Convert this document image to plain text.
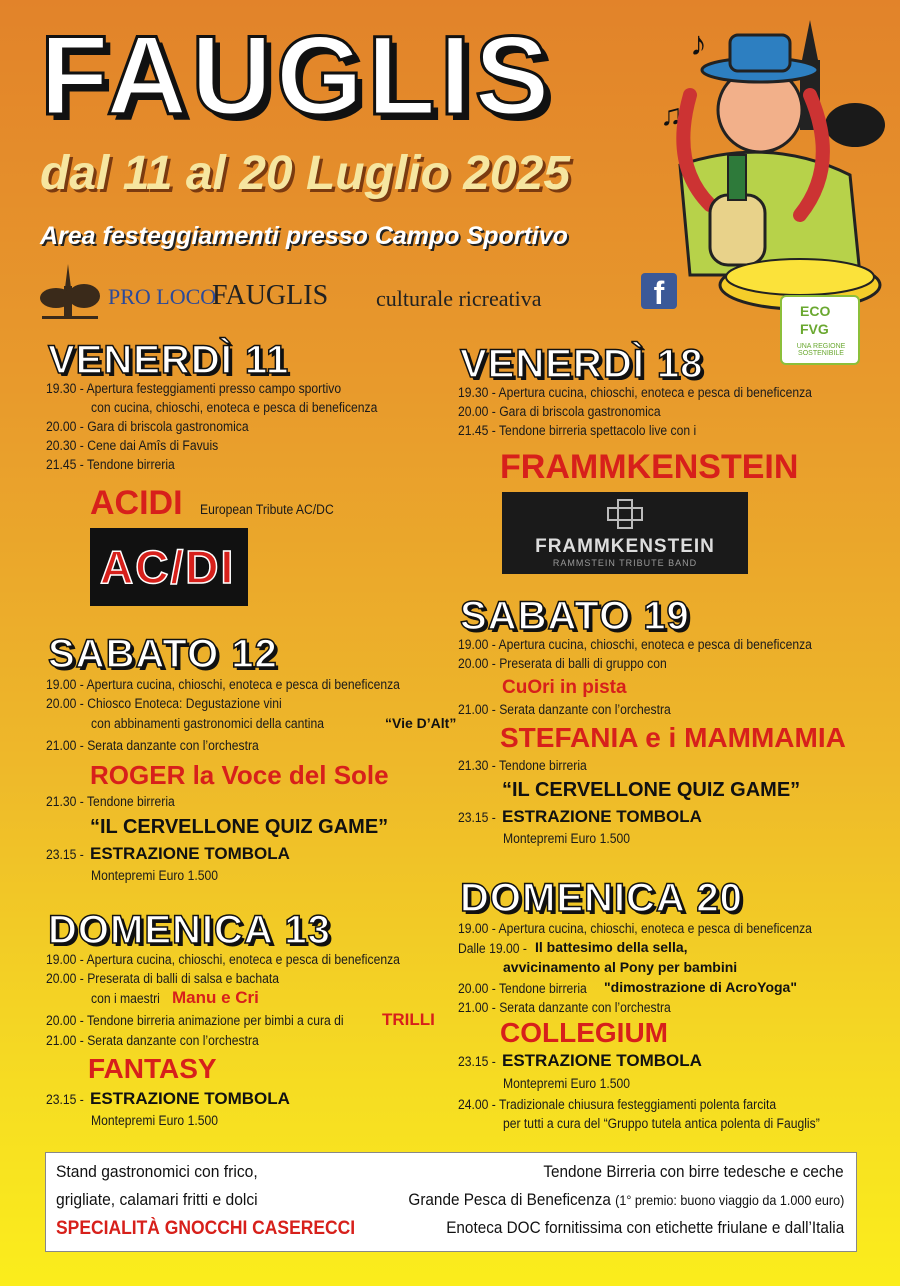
FAUGLIS
dal 11 al 20 Luglio 2025
Area festeggiamenti presso Campo Sportivo
PRO LOCO
FAUGLIS culturale ricreativa	f
♪
♫
ECO
FVG
UNA REGIONE SOSTENIBILE
VENERDÌ 11
19.30 - Apertura festeggiamenti presso campo sportivo
con cucina, chioschi, enoteca e pesca di beneficenza
20.00 - Gara di briscola gastronomica
20.30 - Cene dai Amîs di Favuis
21.45 - Tendone birreria
ACIDI European Tribute AC/DC
AC/DI
SABATO 12
19.00 - Apertura cucina, chioschi, enoteca e pesca di beneficenza
20.00 - Chiosco Enoteca: Degustazione vini
con abbinamenti gastronomici della cantina	“Vie D’Alt”
21.00 - Serata danzante con l’orchestra
ROGER la Voce del Sole
21.30 - Tendone birreria
“IL CERVELLONE QUIZ GAME”
23.15 - ESTRAZIONE TOMBOLA
Montepremi Euro 1.500
DOMENICA 13
19.00 - Apertura cucina, chioschi, enoteca e pesca di beneficenza
20.00 - Preserata di balli di salsa e bachata
con i maestri Manu e Cri
20.00 - Tendone birreria animazione per bimbi a cura di TRILLI
21.00 - Serata danzante con l’orchestra
FANTASY
23.15 - ESTRAZIONE TOMBOLA
Montepremi Euro 1.500
VENERDÌ 18
19.30 - Apertura cucina, chioschi, enoteca e pesca di beneficenza
20.00 - Gara di briscola gastronomica
21.45 - Tendone birreria spettacolo live con i
FRAMMKENSTEIN
FRAMMKENSTEIN
RAMMSTEIN TRIBUTE BAND
SABATO 19
19.00 - Apertura cucina, chioschi, enoteca e pesca di beneficenza
20.00 - Preserata di balli di gruppo con
CuOri in pista
21.00 - Serata danzante con l’orchestra
STEFANIA e i MAMMAMIA
21.30 - Tendone birreria
“IL CERVELLONE QUIZ GAME”
23.15 - ESTRAZIONE TOMBOLA
Montepremi Euro 1.500
DOMENICA 20
19.00 - Apertura cucina, chioschi, enoteca e pesca di beneficenza
Dalle 19.00 - Il battesimo della sella,
avvicinamento al Pony per bambini
20.00 - Tendone birreria "dimostrazione di AcroYoga"
21.00 - Serata danzante con l’orchestra
COLLEGIUM
23.15 - ESTRAZIONE TOMBOLA
Montepremi Euro 1.500
24.00 - Tradizionale chiusura festeggiamenti polenta farcita
per tutti a cura del “Gruppo tutela antica polenta di Fauglis”
Stand gastronomici con frico,
grigliate, calamari fritti e dolci
SPECIALITÀ GNOCCHI CASERECCI
Tendone Birreria con birre tedesche e ceche
Grande Pesca di Beneficenza (1° premio: buono viaggio da 1.000 euro)
Enoteca DOC fornitissima con etichette friulane e dall’Italia
